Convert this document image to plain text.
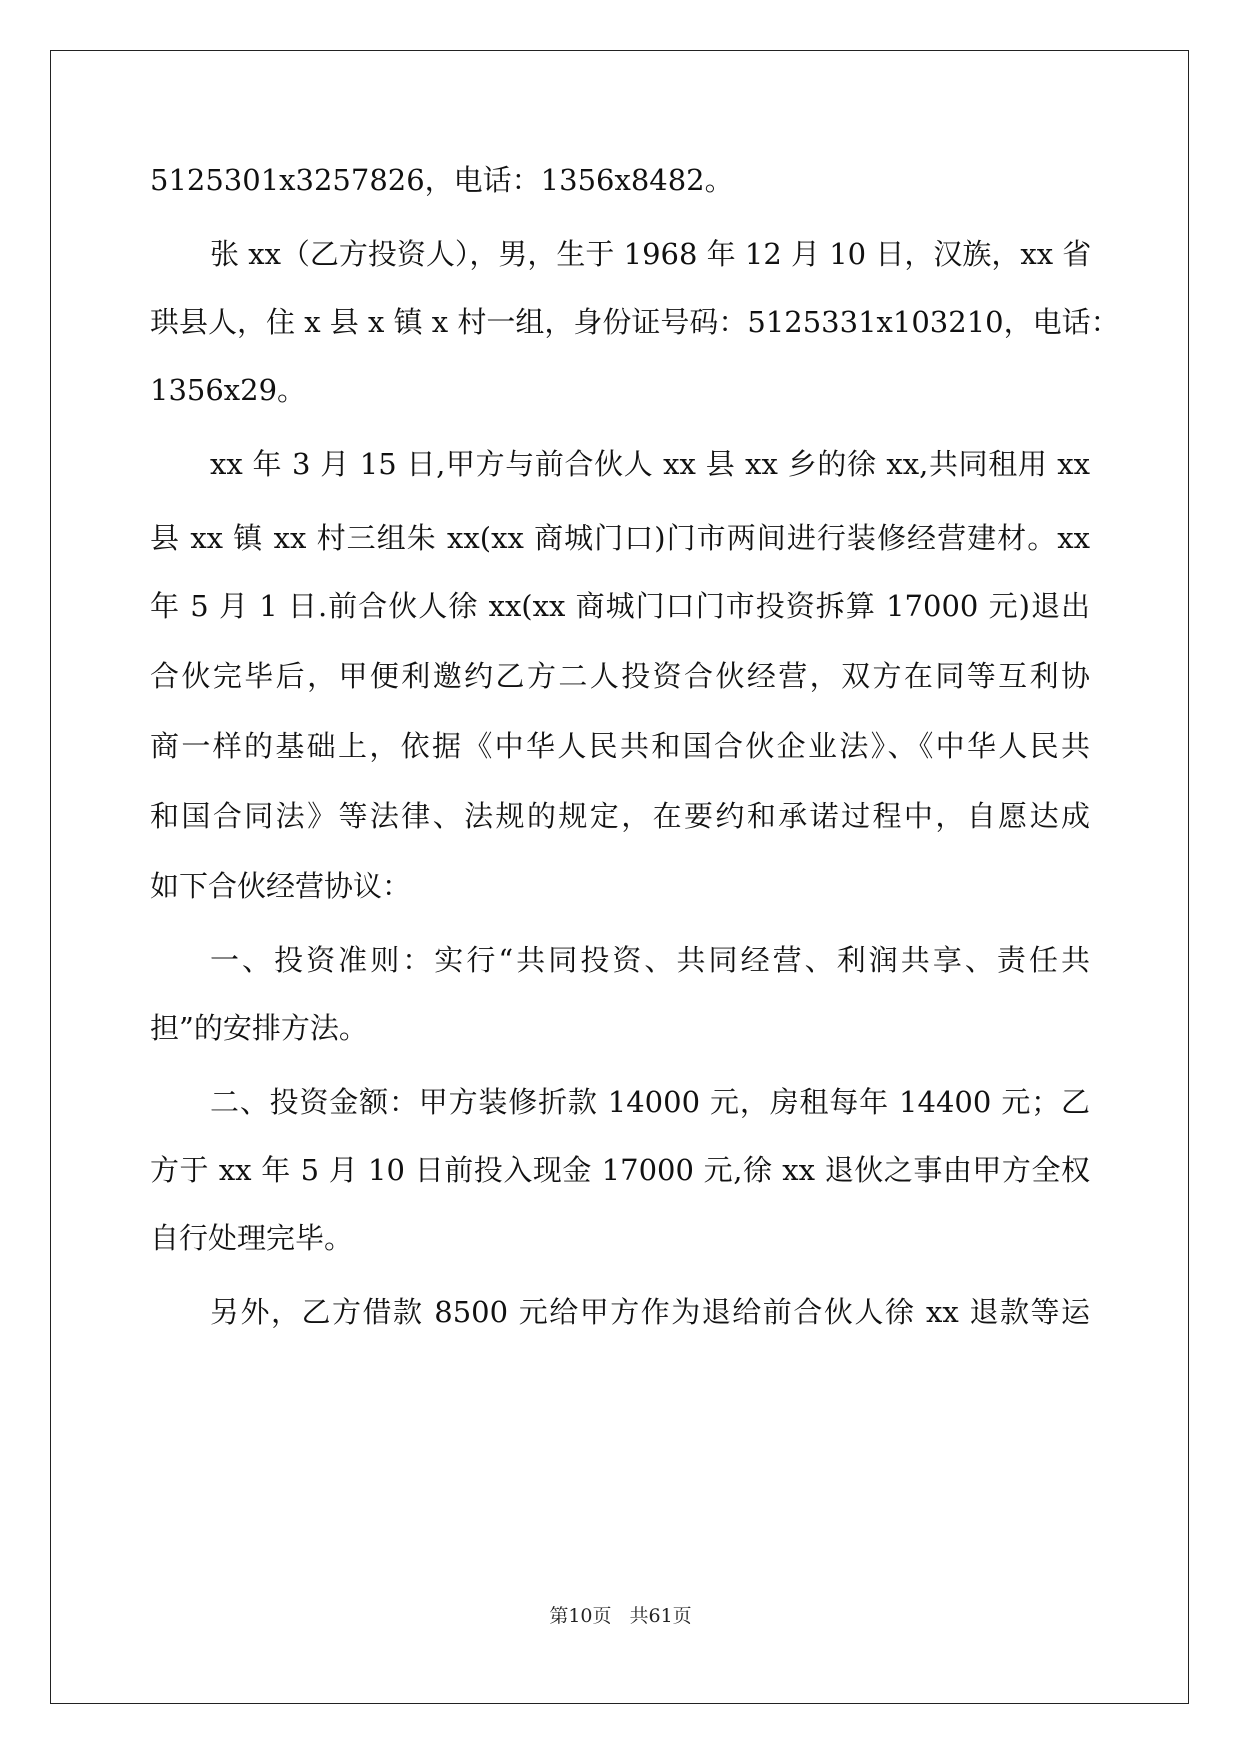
5125301x3257826，电话：1356x8482。
张 xx（乙方投资人），男，生于 1968 年 12 月 10 日，汉族，xx 省
珙县人，住 x 县 x 镇 x 村一组，身份证号码：5125331x103210，电话：
1356x29。
xx 年 3 月 15 日,甲方与前合伙人 xx 县 xx 乡的徐 xx,共同租用 xx
县 xx 镇 xx 村三组朱 xx(xx 商城门口)门市两间进行装修经营建材。xx
年 5 月 1 日.前合伙人徐 xx(xx 商城门口门市投资拆算 17000 元)退出
合伙完毕后，甲便利邀约乙方二人投资合伙经营，双方在同等互利协
商一样的基础上，依据《中华人民共和国合伙企业法》、《中华人民共
和国合同法》等法律、法规的规定，在要约和承诺过程中，自愿达成
如下合伙经营协议：
一、投资准则：实行“共同投资、共同经营、利润共享、责任共
担”的安排方法。
二、投资金额：甲方装修折款 14000 元，房租每年 14400 元；乙
方于 xx 年 5 月 10 日前投入现金 17000 元,徐 xx 退伙之事由甲方全权
自行处理完毕。
另外，乙方借款 8500 元给甲方作为退给前合伙人徐 xx 退款等运
第10页 共61页
